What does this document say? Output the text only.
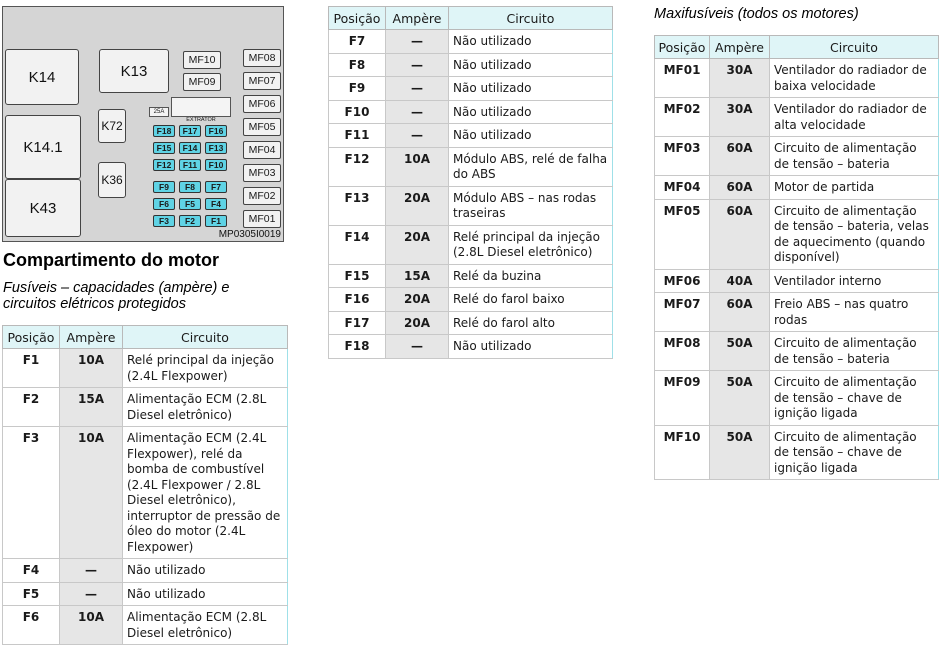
K14	K13
K14.1
K72
K36
K43
MF10
MF09
MF08
MF07
MF06
MF05
MF04
MF03
MF02
MF01
25A
EXTRATOR
F18	F17	F16
F15	F14	F13
F12	F11	F10
F9	F8	F7
F6	F5	F4
F3	F2	F1
MP0305I0019
Compartimento do motor
Fusíveis – capacidades (ampère) e
circuitos elétricos protegidos
Maxifusíveis (todos os motores)
Posição	Ampère	Circuito
F1	10A	Relé principal da injeção (2.4L Flexpower)
F2	15A	Alimentação ECM (2.8L Diesel eletrônico)
F3	10A	Alimentação ECM (2.4L Flexpower), relé da bomba de combustível (2.4L Flexpower / 2.8L Diesel eletrônico), interruptor de pressão de óleo do motor (2.4L Flexpower)
F4	—	Não utilizado
F5	—	Não utilizado
F6	10A	Alimentação ECM (2.8L Diesel eletrônico)
Posição	Ampère	Circuito
F7	—	Não utilizado
F8	—	Não utilizado
F9	—	Não utilizado
F10	—	Não utilizado
F11	—	Não utilizado
F12	10A	Módulo ABS, relé de falha do ABS
F13	20A	Módulo ABS – nas rodas traseiras
F14	20A	Relé principal da injeção (2.8L Diesel eletrônico)
F15	15A	Relé da buzina
F16	20A	Relé do farol baixo
F17	20A	Relé do farol alto
F18	—	Não utilizado
Posição	Ampère	Circuito
MF01	30A	Ventilador do radiador de baixa velocidade
MF02	30A	Ventilador do radiador de alta velocidade
MF03	60A	Circuito de alimentação de tensão – bateria
MF04	60A	Motor de partida
MF05	60A	Circuito de alimentação de tensão – bateria, velas de aquecimento (quando disponível)
MF06	40A	Ventilador interno
MF07	60A	Freio ABS – nas quatro rodas
MF08	50A	Circuito de alimentação de tensão – bateria
MF09	50A	Circuito de alimentação de tensão – chave de ignição ligada
MF10	50A	Circuito de alimentação de tensão – chave de ignição ligada
